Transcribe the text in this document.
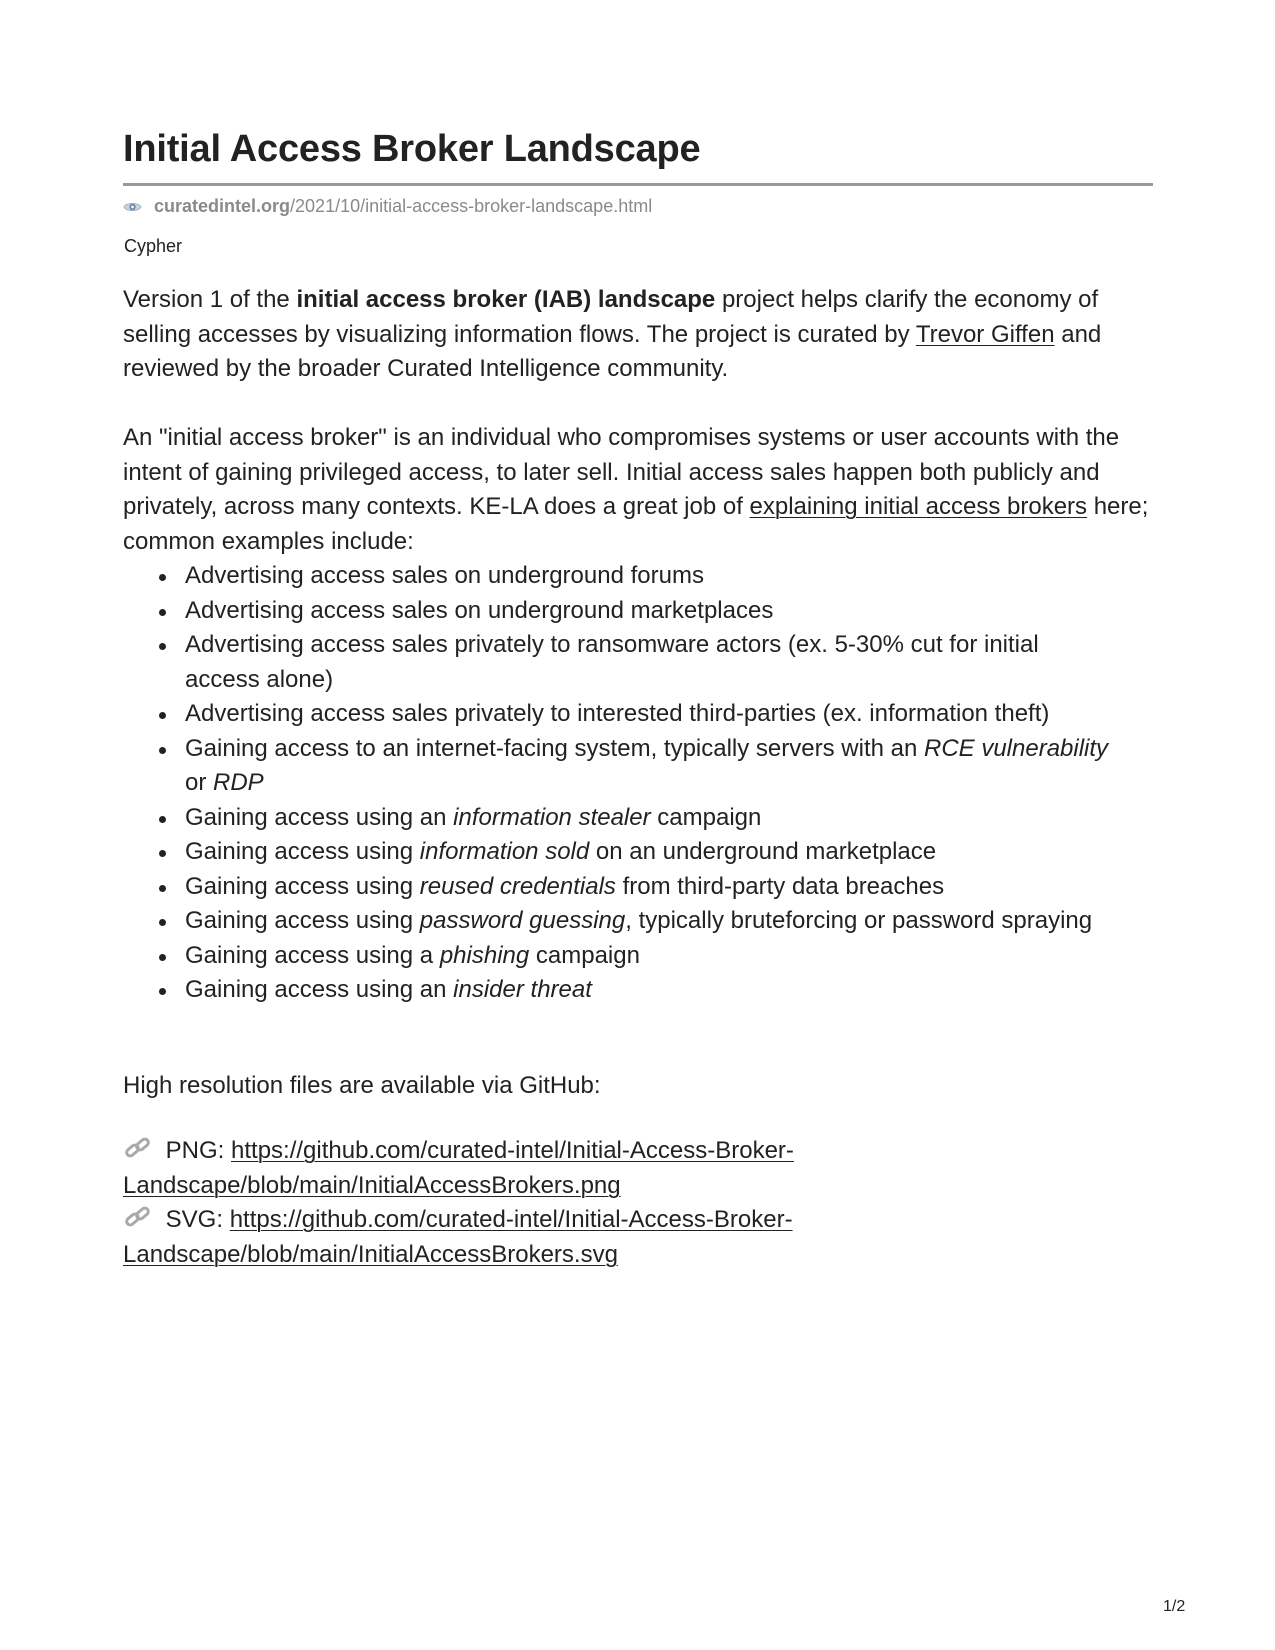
Initial Access Broker Landscape
curatedintel.org /2021/10/initial-access-broker-landscape.html
Cypher

Version 1 of the initial access broker (IAB) landscape project helps clarify the economy of selling accesses by visualizing information flows. The project is curated by Trevor Giffen and reviewed by the broader Curated Intelligence community.

An "initial access broker" is an individual who compromises systems or user accounts with the intent of gaining privileged access, to later sell. Initial access sales happen both publicly and privately, across many contexts. KE-LA does a great job of explaining initial access brokers here; common examples include:

Advertising access sales on underground forums
Advertising access sales on underground marketplaces
Advertising access sales privately to ransomware actors (ex. 5-30% cut for initial access alone)
Advertising access sales privately to interested third-parties (ex. information theft)
Gaining access to an internet-facing system, typically servers with an RCE vulnerability or RDP
Gaining access using an information stealer campaign
Gaining access using information sold on an underground marketplace
Gaining access using reused credentials from third-party data breaches
Gaining access using password guessing, typically bruteforcing or password spraying
Gaining access using a phishing campaign
Gaining access using an insider threat
High resolution files are available via GitHub:
PNG: https://github.com/curated-intel/Initial-Access-Broker-Landscape/blob/main/InitialAccessBrokers.png
SVG: https://github.com/curated-intel/Initial-Access-Broker-Landscape/blob/main/InitialAccessBrokers.svg
1/2
